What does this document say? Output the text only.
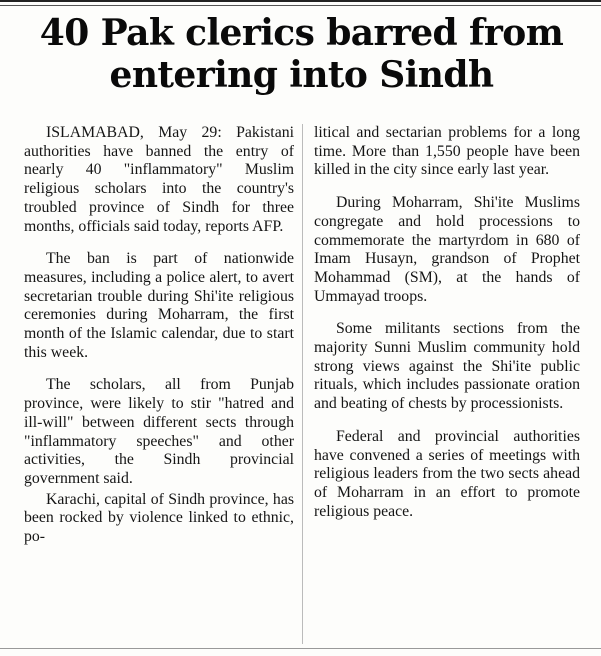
40 Pak clerics barred from entering into Sindh

ISLAMABAD, May 29: Pakistani authorities have banned the entry of nearly 40 "inflammatory" Muslim religious scholars into the country's troubled province of Sindh for three months, officials said today, reports AFP.

The ban is part of nationwide measures, including a police alert, to avert secretarian trouble during Shi'ite religious ceremonies during Moharram, the first month of the Islamic calendar, due to start this week.

The scholars, all from Punjab province, were likely to stir "hatred and ill-will" between different sects through "inflammatory speeches" and other activities, the Sindh provincial government said.

Karachi, capital of Sindh province, has been rocked by violence linked to ethnic, po-

litical and sectarian problems for a long time. More than 1,550 people have been killed in the city since early last year.

During Moharram, Shi'ite Muslims congregate and hold processions to commemorate the martyrdom in 680 of Imam Husayn, grandson of Prophet Mohammad (SM), at the hands of Ummayad troops.

Some militants sections from the majority Sunni Muslim community hold strong views against the Shi'ite public rituals, which includes passionate oration and beating of chests by processionists.

Federal and provincial authorities have convened a series of meetings with religious leaders from the two sects ahead of Moharram in an effort to promote religious peace.
